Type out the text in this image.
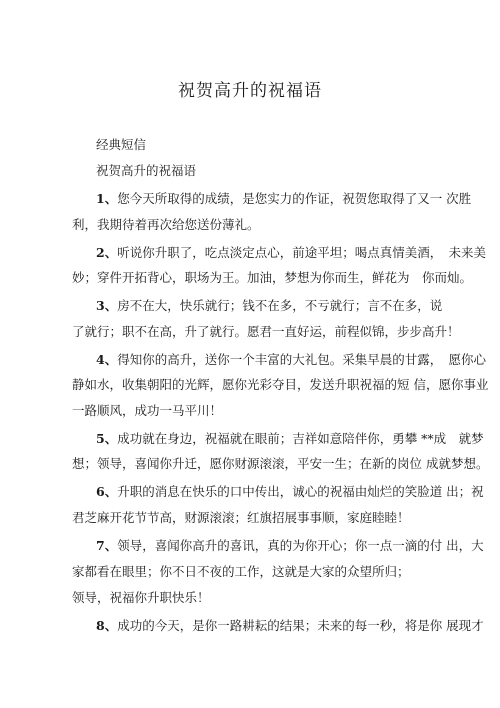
祝贺高升的祝福语
经典短信
祝贺高升的祝福语
1、您今天所取得的成绩，是您实力的作证，祝贺您取得了又一 次胜
利，我期待着再次给您送份薄礼。
2、听说你升职了，吃点淡定点心，前途平坦；喝点真情美酒，　未来美
妙；穿件开拓背心，职场为王。加油，梦想为你而生，鲜花为　你而灿。
3、房不在大，快乐就行；钱不在多，不亏就行；言不在多，说
了就行；职不在高，升了就行。愿君一直好运，前程似锦，步步高升！
4、得知你的高升，送你一个丰富的大礼包。采集早晨的甘露，　愿你心
静如水，收集朝阳的光辉，愿你光彩夺目，发送升职祝福的短 信，愿你事业
一路顺风，成功一马平川！
5、成功就在身边，祝福就在眼前；吉祥如意陪伴你，勇攀 **成　就梦
想；领导，喜闻你升迁，愿你财源滚滚，平安一生；在新的岗位 成就梦想。
6、升职的消息在快乐的口中传出，诚心的祝福由灿烂的笑脸道 出；祝
君芝麻开花节节高，财源滚滚；红旗招展事事顺，家庭睦睦！
7、领导，喜闻你高升的喜讯，真的为你开心；你一点一滴的付 出，大
家都看在眼里；你不日不夜的工作，这就是大家的众望所归；
领导，祝福你升职快乐！
8、成功的今天，是你一路耕耘的结果；未来的每一秒，将是你 展现才
